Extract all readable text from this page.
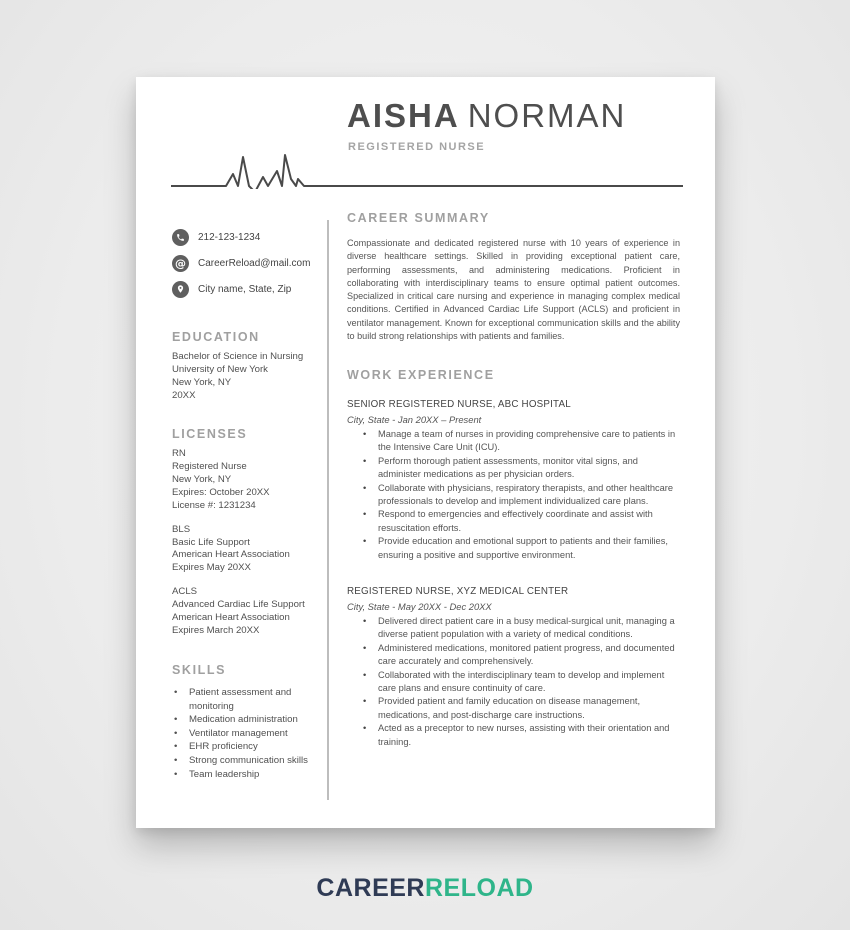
AISHA NORMAN
REGISTERED NURSE
212-123-1234
@ CareerReload@mail.com
City name, State, Zip
EDUCATION
Bachelor of Science in Nursing
University of New York
New York, NY
20XX
LICENSES
RN
Registered Nurse
New York, NY
Expires: October 20XX
License #: 1231234
BLS
Basic Life Support
American Heart Association
Expires May 20XX
ACLS
Advanced Cardiac Life Support
American Heart Association
Expires March 20XX
SKILLS
• Patient assessment and monitoring
• Medication administration
• Ventilator management
• EHR proficiency
• Strong communication skills
• Team leadership
CAREER SUMMARY
Compassionate and dedicated registered nurse with 10 years of experience in diverse healthcare settings. Skilled in providing exceptional patient care, performing assessments, and administering medications. Proficient in collaborating with interdisciplinary teams to ensure optimal patient outcomes. Specialized in critical care nursing and experience in managing complex medical conditions. Certified in Advanced Cardiac Life Support (ACLS) and proficient in ventilator management. Known for exceptional communication skills and the ability to build strong relationships with patients and families.
WORK EXPERIENCE
SENIOR REGISTERED NURSE, ABC HOSPITAL
City, State - Jan 20XX – Present
• Manage a team of nurses in providing comprehensive care to patients in the Intensive Care Unit (ICU).
• Perform thorough patient assessments, monitor vital signs, and administer medications as per physician orders.
• Collaborate with physicians, respiratory therapists, and other healthcare professionals to develop and implement individualized care plans.
• Respond to emergencies and effectively coordinate and assist with resuscitation efforts.
• Provide education and emotional support to patients and their families, ensuring a positive and supportive environment.
REGISTERED NURSE, XYZ MEDICAL CENTER
City, State - May 20XX - Dec 20XX
• Delivered direct patient care in a busy medical-surgical unit, managing a diverse patient population with a variety of medical conditions.
• Administered medications, monitored patient progress, and documented care accurately and comprehensively.
• Collaborated with the interdisciplinary team to develop and implement care plans and ensure continuity of care.
• Provided patient and family education on disease management, medications, and post-discharge care instructions.
• Acted as a preceptor to new nurses, assisting with their orientation and training.
CAREERRELOAD
